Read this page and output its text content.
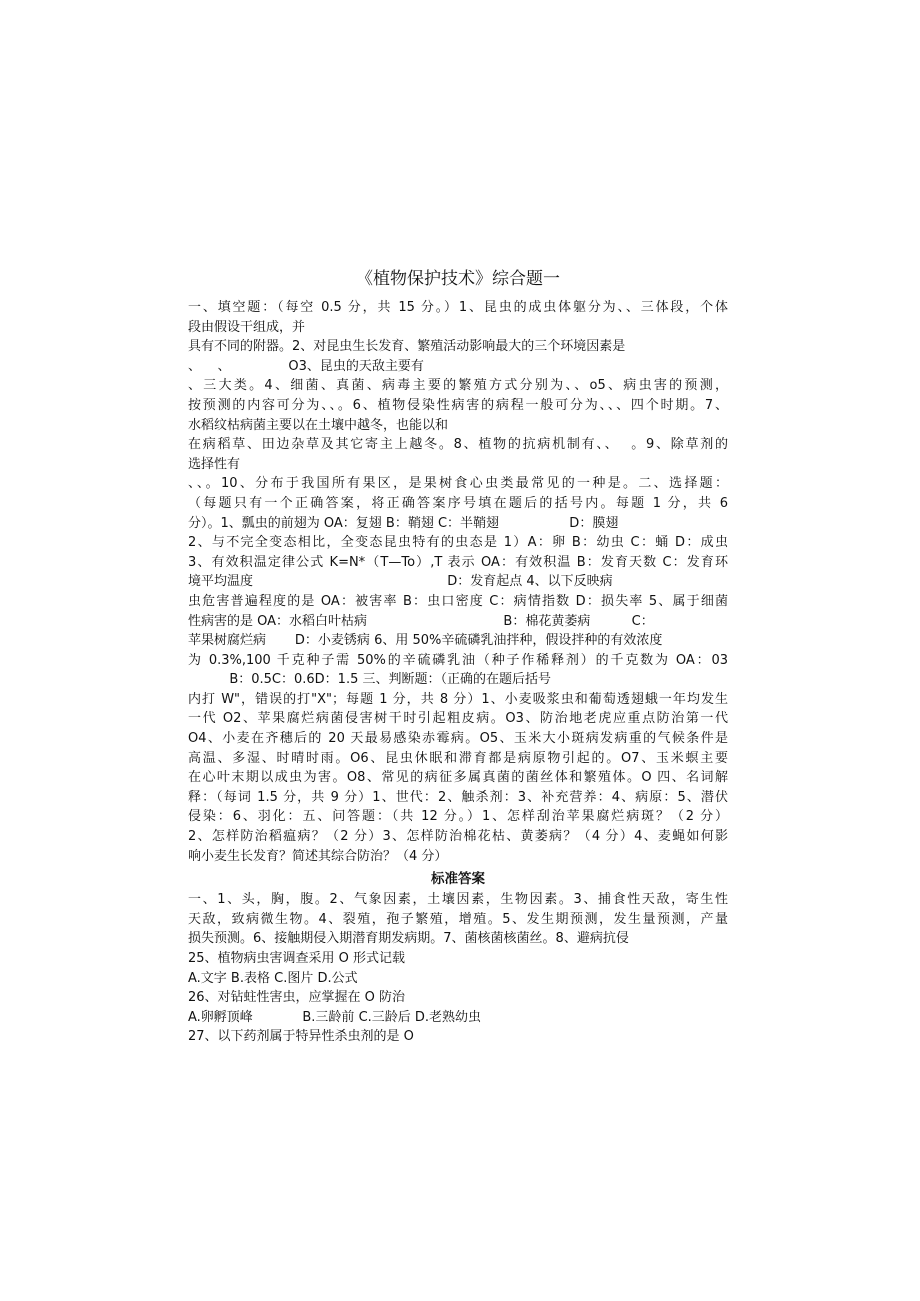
《植物保护技术》综合题一

一、填空题：（每空 0.5 分，共 15 分。）1、昆虫的成虫体躯分为、、三体段，个体

段由假设干组成，并

具有不同的附器。2、对昆虫生长发育、繁殖活动影响最大的三个环境因素是

、    、              O3、昆虫的天敌主要有

、三大类。4、细菌、真菌、病毒主要的繁殖方式分别为、、o5、病虫害的预测，

按预测的内容可分为、、。6、植物侵染性病害的病程一般可分为、、、四个时期。7、

水稻纹枯病菌主要以在土壤中越冬，也能以和

在病稻草、田边杂草及其它寄主上越冬。8、植物的抗病机制有、、  。9、除草剂的

选择性有

、、。10、分布于我国所有果区，是果树食心虫类最常见的一种是。二、选择题：

（每题只有一个正确答案，将正确答案序号填在题后的括号内。每题 1 分，共 6

分）。1、瓢虫的前翅为 OA：复翅 B：鞘翅 C：半鞘翅                 D：膜翅

2、与不完全变态相比，全变态昆虫特有的虫态是 1）A：卵 B：幼虫 C：蛹 D：成虫

3、有效积温定律公式 K=N*（T—To）,T 表示 OA：有效积温 B：发育天数 C：发育环

境平均温度                                               D：发育起点 4、以下反映病

虫危害普遍程度的是 OA：被害率 B：虫口密度 C：病情指数 D：损失率 5、属于细菌

性病害的是 OA：水稻白叶枯病                                 B：棉花黄萎病          C：

苹果树腐烂病       D：小麦锈病 6、用 50%辛硫磷乳油拌种，假设拌种的有效浓度

为 0.3%,100 千克种子需 50%的辛硫磷乳油（种子作稀释剂）的千克数为 OA：03

B：0.5C：0.6D：1.5 三、判断题：（正确的在题后括号

内打 W"，错误的打"X"；每题 1 分，共 8 分）1、小麦吸浆虫和葡萄透翅蛾一年均发生

一代 O2、苹果腐烂病菌侵害树干时引起粗皮病。O3、防治地老虎应重点防治第一代

O4、小麦在齐穗后的 20 天最易感染赤霉病。O5、玉米大小斑病发病重的气候条件是

高温、多湿、时晴时雨。O6、昆虫休眠和滞育都是病原物引起的。O7、玉米螟主要

在心叶末期以成虫为害。O8、常见的病征多属真菌的菌丝体和繁殖体。O 四、名词解

释：（每词 1.5 分，共 9 分）1、世代：2、触杀剂：3、补充营养：4、病原：5、潜伏

侵染：6、羽化：五、问答题：（共 12 分。）1、怎样刮治苹果腐烂病斑？（2 分）

2、怎样防治稻瘟病？（2 分）3、怎样防治棉花枯、黄萎病？（4 分）4、麦蝇如何影

响小麦生长发育？简述其综合防治？（4 分）

标准答案

一、1、头，胸，腹。2、气象因素，土壤因素，生物因素。3、捕食性天敌，寄生性

天敌，致病微生物。4、裂殖，孢子繁殖，增殖。5、发生期预测，发生量预测，产量

损失预测。6、接触期侵入期潜育期发病期。7、菌核菌核菌丝。8、避病抗侵

25、植物病虫害调查采用 O 形式记载

A.文字 B.表格 C.图片 D.公式

26、对钻蛀性害虫，应掌握在 O 防治

A.卵孵顶峰            B.三龄前 C.三龄后 D.老熟幼虫

27、以下药剂属于特异性杀虫剂的是 O
